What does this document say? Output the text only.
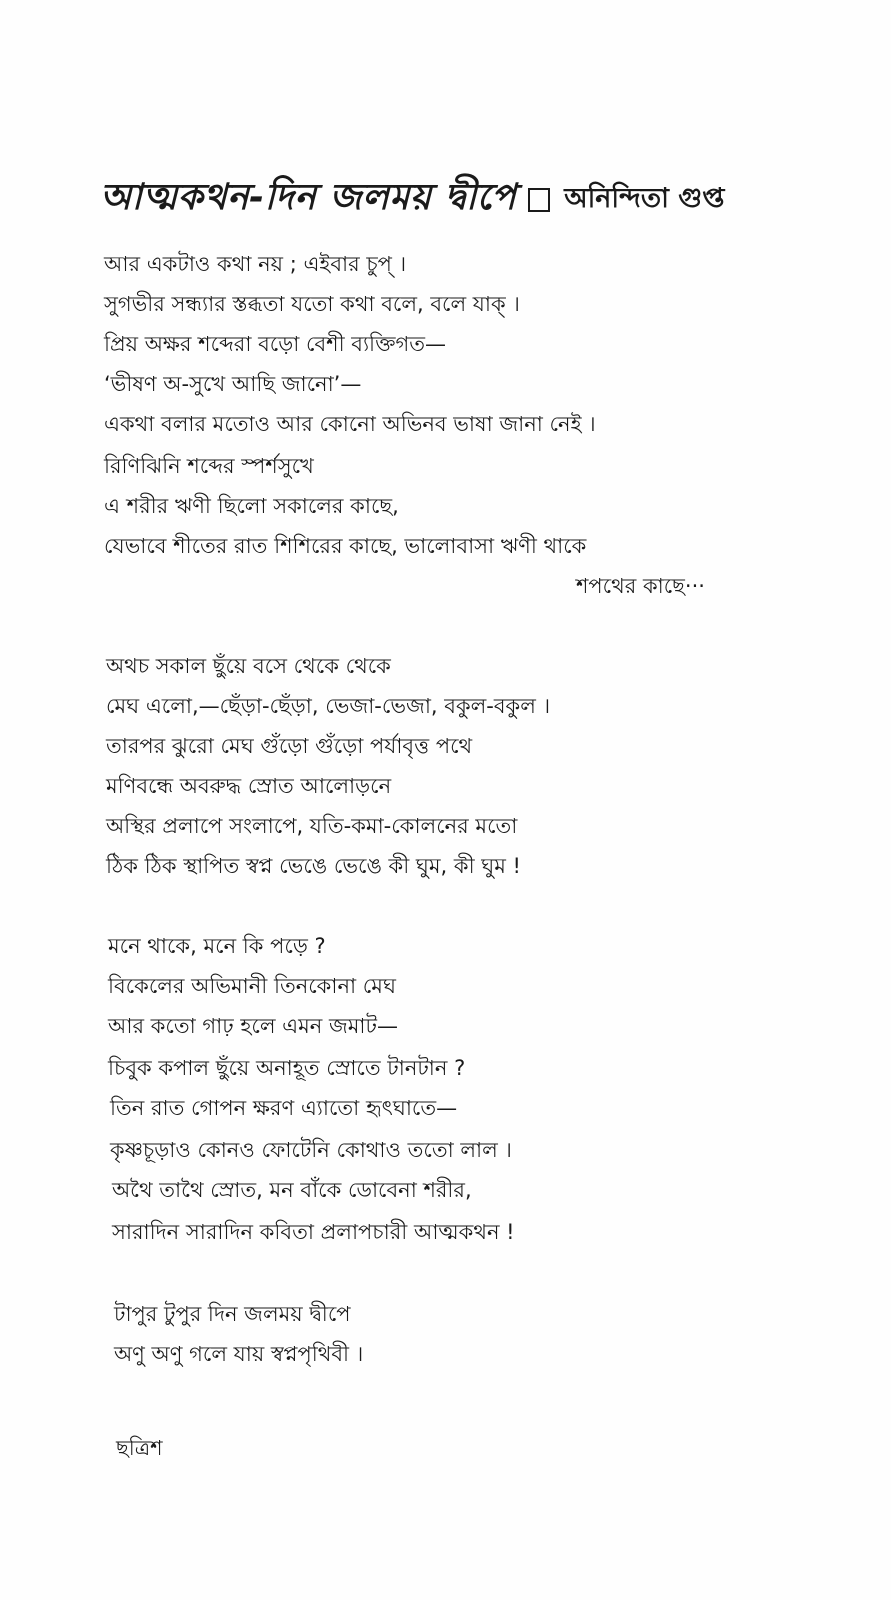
আত্মকথন-দিন জলময় দ্বীপে অনিন্দিতা গুপ্ত
আর একটাও কথা নয় ; এইবার চুপ্ ।
সুগভীর সন্ধ্যার স্তব্ধতা যতো কথা বলে, বলে যাক্ ।
প্রিয় অক্ষর শব্দেরা বড়ো বেশী ব্যক্তিগত—
‘ভীষণ অ-সুখে আছি জানো’—
একথা বলার মতোও আর কোনো অভিনব ভাষা জানা নেই ।
রিণিঝিনি শব্দের স্পর্শসুখে
এ শরীর ঋণী ছিলো সকালের কাছে,
যেভাবে শীতের রাত শিশিরের কাছে, ভালোবাসা ঋণী থাকে
শপথের কাছে···
অথচ সকাল ছুঁয়ে বসে থেকে থেকে
মেঘ এলো,—ছেঁড়া-ছেঁড়া, ভেজা-ভেজা, বকুল-বকুল ।
তারপর ঝুরো মেঘ গুঁড়ো গুঁড়ো পর্যাবৃত্ত পথে
মণিবন্ধে অবরুদ্ধ স্রোত আলোড়নে
অস্থির প্রলাপে সংলাপে, যতি-কমা-কোলনের মতো
ঠিক ঠিক স্থাপিত স্বপ্ন ভেঙে ভেঙে কী ঘুম, কী ঘুম !
মনে থাকে, মনে কি পড়ে ?
বিকেলের অভিমানী তিনকোনা মেঘ
আর কতো গাঢ় হলে এমন জমাট—
চিবুক কপাল ছুঁয়ে অনাহূত স্রোতে টানটান ?
তিন রাত গোপন ক্ষরণ এ্যাতো হৃৎঘাতে—
কৃষ্ণচূড়াও কোনও ফোটেনি কোথাও ততো লাল ।
অথৈ তাথৈ স্রোত, মন বাঁকে ডোবেনা শরীর,
সারাদিন সারাদিন কবিতা প্রলাপচারী আত্মকথন !
টাপুর টুপুর দিন জলময় দ্বীপে
অণু অণু গলে যায় স্বপ্নপৃথিবী ।
ছত্রিশ
